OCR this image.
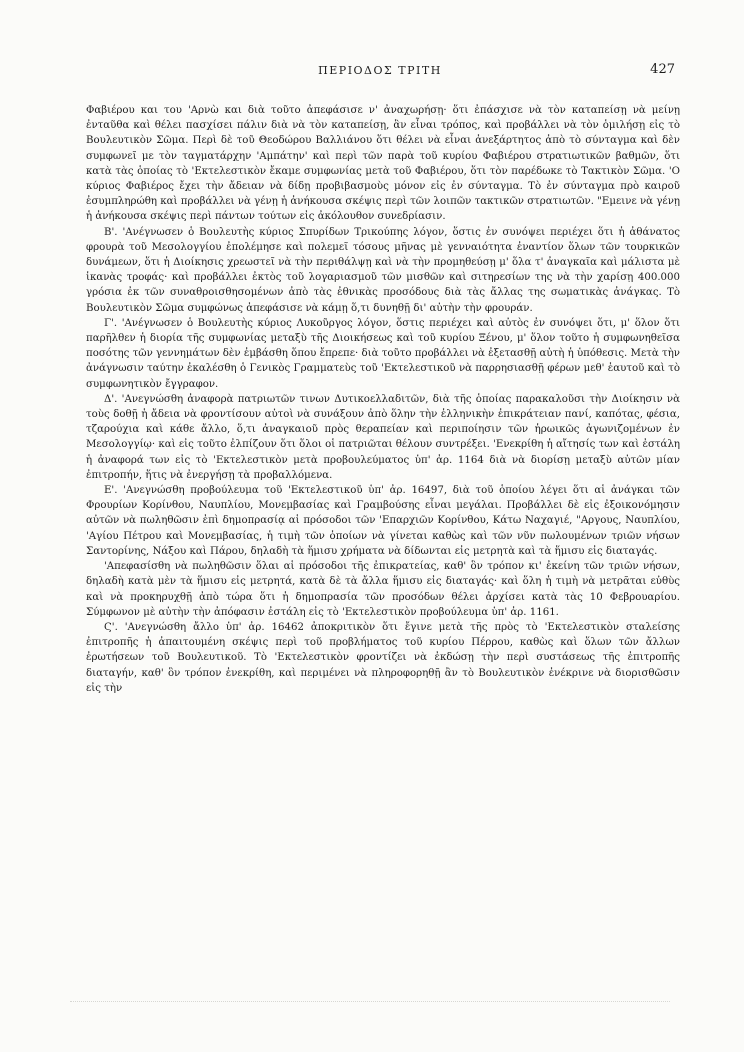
ΠΕΡΙΟΔΟΣ ΤΡΙΤΗ	427

Φαβιέρου και του 'Αρνὼ και διὰ τοῦτο ἀπεφάσισε ν' ἀναχωρήσῃ· ὅτι ἐπάσχισε νὰ τὸν καταπείσῃ νὰ μείνῃ ἐνταῦθα καὶ θέλει πασχίσει πάλιν διὰ νὰ τὸν καταπείσῃ, ἂν εἶναι τρόπος, καὶ προβάλλει νὰ τὸν ὁμιλήσῃ εἰς τὸ Βουλευτικὸν Σῶμα. Περὶ δὲ τοῦ Θεοδώρου Βαλλιάνου ὅτι θέλει νὰ εἶναι ἀνεξάρτητος ἀπὸ τὸ σύνταγμα καὶ δὲν συμφωνεῖ με τὸν ταγματάρχην 'Αμπάτην' καὶ περὶ τῶν παρὰ τοῦ κυρίου Φαβιέρου στρατιωτικῶν βαθμῶν, ὅτι κατὰ τὰς ὁποίας τὸ 'Εκτελεστικὸν ἔκαμε συμφωνίας μετὰ τοῦ Φαβιέρου, ὅτι τὸν παρέδωκε τὸ Τακτικὸν Σῶμα. 'Ο κύριος Φαβιέρος ἔχει τὴν ἄδειαν νὰ δίδῃ προβιβασμοὺς μόνον εἰς ἐν σύνταγμα. Τὸ ἐν σύνταγμα πρὸ καιροῦ ἐσυμπληρώθη καὶ προβάλλει νὰ γένῃ ἡ ἀνήκουσα σκέψις περὶ τῶν λοιπῶν τακτικῶν στρατιωτῶν. "Εμεινε νὰ γένῃ ἡ ἀνήκουσα σκέψις περὶ πάντων τούτων εἰς ἀκόλουθον συνεδρίασιν.

Β'. 'Ανέγνωσεν ὁ Βουλευτὴς κύριος Σπυρίδων Τρικούπης λόγον, ὅστις ἐν συνόψει περιέχει ὅτι ἡ ἀθάνατος φρουρὰ τοῦ Μεσολογγίου ἐπολέμησε καὶ πολεμεῖ τόσους μῆνας μὲ γενναιότητα ἐναντίον ὅλων τῶν τουρκικῶν δυνάμεων, ὅτι ἡ Διοίκησις χρεωστεῖ νὰ τὴν περιθάλψῃ καὶ νὰ τὴν προμηθεύσῃ μ' ὅλα τ' ἀναγκαῖα καὶ μάλιστα μὲ ἱκανὰς τροφάς· καὶ προβάλλει ἐκτὸς τοῦ λογαριασμοῦ τῶν μισθῶν καὶ σιτηρεσίων της νὰ τὴν χαρίσῃ 400.000 γρόσια ἐκ τῶν συναθροισθησομένων ἀπὸ τὰς ἐθνικὰς προσόδους διὰ τὰς ἄλλας της σωματικὰς ἀνάγκας. Τὸ Βουλευτικὸν Σῶμα συμφώνως ἀπεφάσισε νὰ κάμῃ ὅ,τι δυνηθῇ δι' αὐτὴν τὴν φρουράν.

Γ'. 'Ανέγνωσεν ὁ Βουλευτὴς κύριος Λυκοῦργος λόγον, ὅστις περιέχει καὶ αὐτὸς ἐν συνόψει ὅτι, μ' ὅλον ὅτι παρῆλθεν ἡ διορία τῆς συμφωνίας μεταξὺ τῆς Διοικήσεως καὶ τοῦ κυρίου Ξένου, μ' ὅλον τοῦτο ἡ συμφωνηθεῖσα ποσότης τῶν γεννημάτων δὲν ἐμβάσθη ὅπου ἔπρεπε· διὰ τοῦτο προβάλλει νὰ ἐξετασθῇ αὐτὴ ἡ ὑπόθεσις. Μετὰ τὴν ἀνάγνωσιν ταύτην ἐκαλέσθη ὁ Γενικὸς Γραμματεὺς τοῦ 'Εκτελεστικοῦ νὰ παρρησιασθῇ φέρων μεθ' ἑαυτοῦ καὶ τὸ συμφωνητικὸν ἔγγραφον.

Δ'. 'Ανεγνώσθη ἀναφορὰ πατριωτῶν τινων Δυτικοελλαδιτῶν, διὰ τῆς ὁποίας παρακαλοῦσι τὴν Διοίκησιν νὰ τοὺς δοθῇ ἡ ἄδεια νὰ φροντίσουν αὐτοὶ νὰ συνάξουν ἀπὸ ὅλην τὴν ἑλληνικὴν ἐπικράτειαν πανί, καπότας, φέσια, τζαρούχια καὶ κάθε ἄλλο, ὅ,τι ἀναγκαιοῦ πρὸς θεραπείαν καὶ περιποίησιν τῶν ἡρωικῶς ἀγωνιζομένων ἐν Μεσολογγίῳ· καὶ εἰς τοῦτο ἐλπίζουν ὅτι ὅλοι οἱ πατριῶται θέλουν συντρέξει. 'Ενεκρίθη ἡ αἴτησίς των καὶ ἐστάλη ἡ ἀναφορά των εἰς τὸ 'Εκτελεστικὸν μετὰ προβουλεύματος ὑπ' ἀρ. 1164 διὰ νὰ διορίσῃ μεταξὺ αὐτῶν μίαν ἐπιτροπήν, ἥτις νὰ ἐνεργήσῃ τὰ προβαλλόμενα.

Ε'. 'Ανεγνώσθη προβούλευμα τοῦ 'Εκτελεστικοῦ ὑπ' ἀρ. 16497, διὰ τοῦ ὁποίου λέγει ὅτι αἱ ἀνάγκαι τῶν Φρουρίων Κορίνθου, Ναυπλίου, Μονεμβασίας καὶ Γραμβούσης εἶναι μεγάλαι. Προβάλλει δὲ εἰς ἐξοικονόμησιν αὐτῶν νὰ πωληθῶσιν ἐπὶ δημοπρασίᾳ αἱ πρόσοδοι τῶν 'Επαρχιῶν Κορίνθου, Κάτω Ναχαγιέ, "Αργους, Ναυπλίου, 'Αγίου Πέτρου καὶ Μονεμβασίας, ἡ τιμὴ τῶν ὁποίων νὰ γίνεται καθὼς καὶ τῶν νῦν πωλουμένων τριῶν νήσων Σαντορίνης, Νάξου καὶ Πάρου, δηλαδὴ τὰ ἥμισυ χρήματα νὰ δίδωνται εἰς μετρητὰ καὶ τὰ ἥμισυ εἰς διαταγάς.

'Απεφασίσθη νὰ πωληθῶσιν ὅλαι αἱ πρόσοδοι τῆς ἐπικρατείας, καθ' ὃν τρόπον κι' ἐκείνη τῶν τριῶν νήσων, δηλαδὴ κατὰ μὲν τὰ ἥμισυ εἰς μετρητά, κατὰ δὲ τὰ ἄλλα ἥμισυ εἰς διαταγάς· καὶ ὅλη ἡ τιμὴ νὰ μετρᾶται εὐθὺς καὶ νὰ προκηρυχθῇ ἀπὸ τώρα ὅτι ἡ δημοπρασία τῶν προσόδων θέλει ἀρχίσει κατὰ τὰς 10 Φεβρουαρίου. Σύμφωνον μὲ αὐτὴν τὴν ἀπόφασιν ἐστάλη εἰς τὸ 'Εκτελεστικὸν προβούλευμα ὑπ' ἀρ. 1161.

Ϛ'. 'Ανεγνώσθη ἄλλο ὑπ' ἀρ. 16462 ἀποκριτικὸν ὅτι ἔγινε μετὰ τῆς πρὸς τὸ 'Εκτελεστικὸν σταλείσης ἐπιτροπῆς ἡ ἀπαιτουμένη σκέψις περὶ τοῦ προβλήματος τοῦ κυρίου Πέρρου, καθὼς καὶ ὅλων τῶν ἄλλων ἐρωτήσεων τοῦ Βουλευτικοῦ. Τὸ 'Εκτελεστικὸν φροντίζει νὰ ἐκδώσῃ τὴν περὶ συστάσεως τῆς ἐπιτροπῆς διαταγήν, καθ' ὃν τρόπον ἐνεκρίθη, καὶ περιμένει νὰ πληροφορηθῇ ἂν τὸ Βουλευτικὸν ἐνέκρινε νὰ διορισθῶσιν εἰς τὴν
